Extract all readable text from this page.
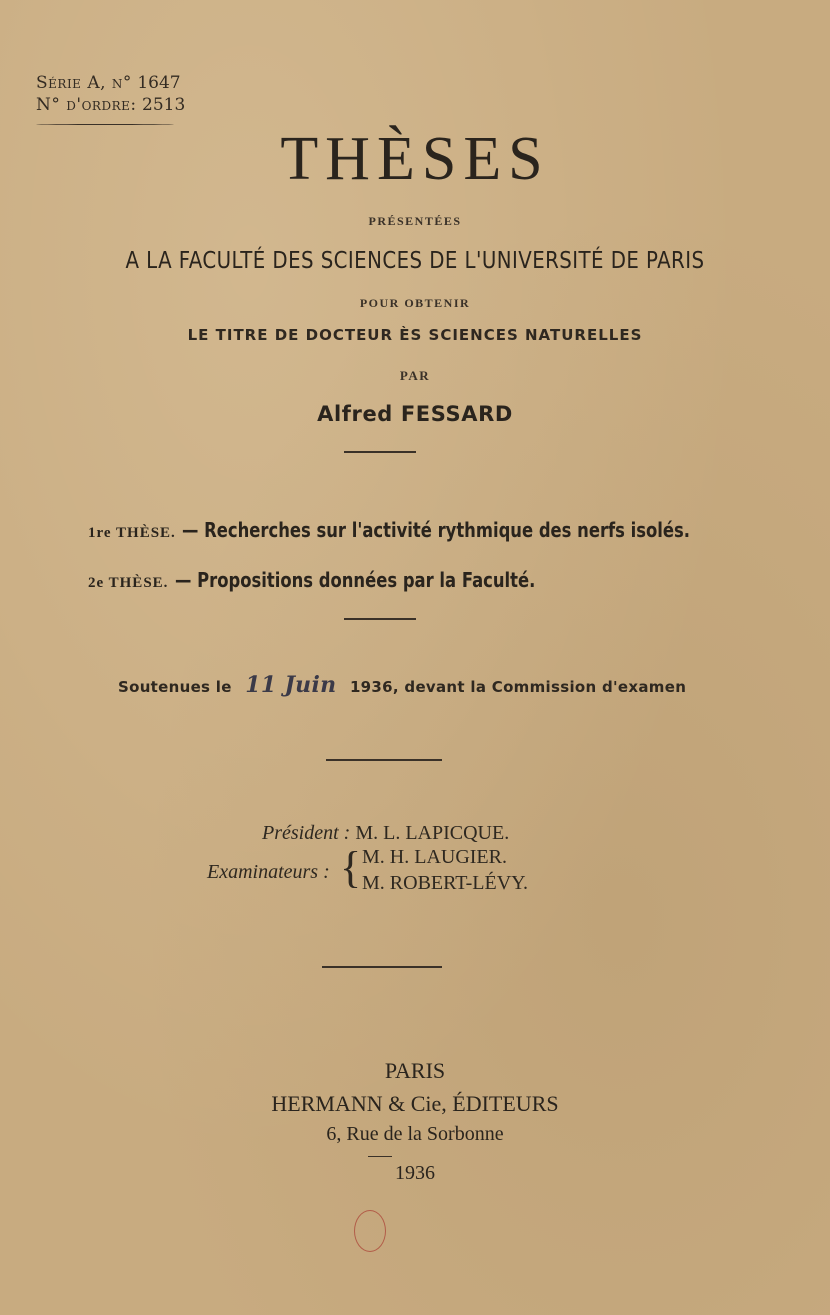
Série A, n° 1647
N° d'ordre: 2513
THÈSES
PRÉSENTÉES
A LA FACULTÉ DES SCIENCES DE L'UNIVERSITÉ DE PARIS
POUR OBTENIR
LE TITRE DE DOCTEUR ÈS SCIENCES NATURELLES
PAR
Alfred FESSARD
1re THÈSE. — Recherches sur l'activité rythmique des nerfs isolés.
2e THÈSE. — Propositions données par la Faculté.
Soutenues le 11 Juin 1936, devant la Commission d'examen
Président : M. L. LAPICQUE.
Examinateurs : { M. H. LAUGIER.
M. ROBERT-LÉVY.
PARIS
HERMANN & Cie, ÉDITEURS
6, Rue de la Sorbonne
1936
